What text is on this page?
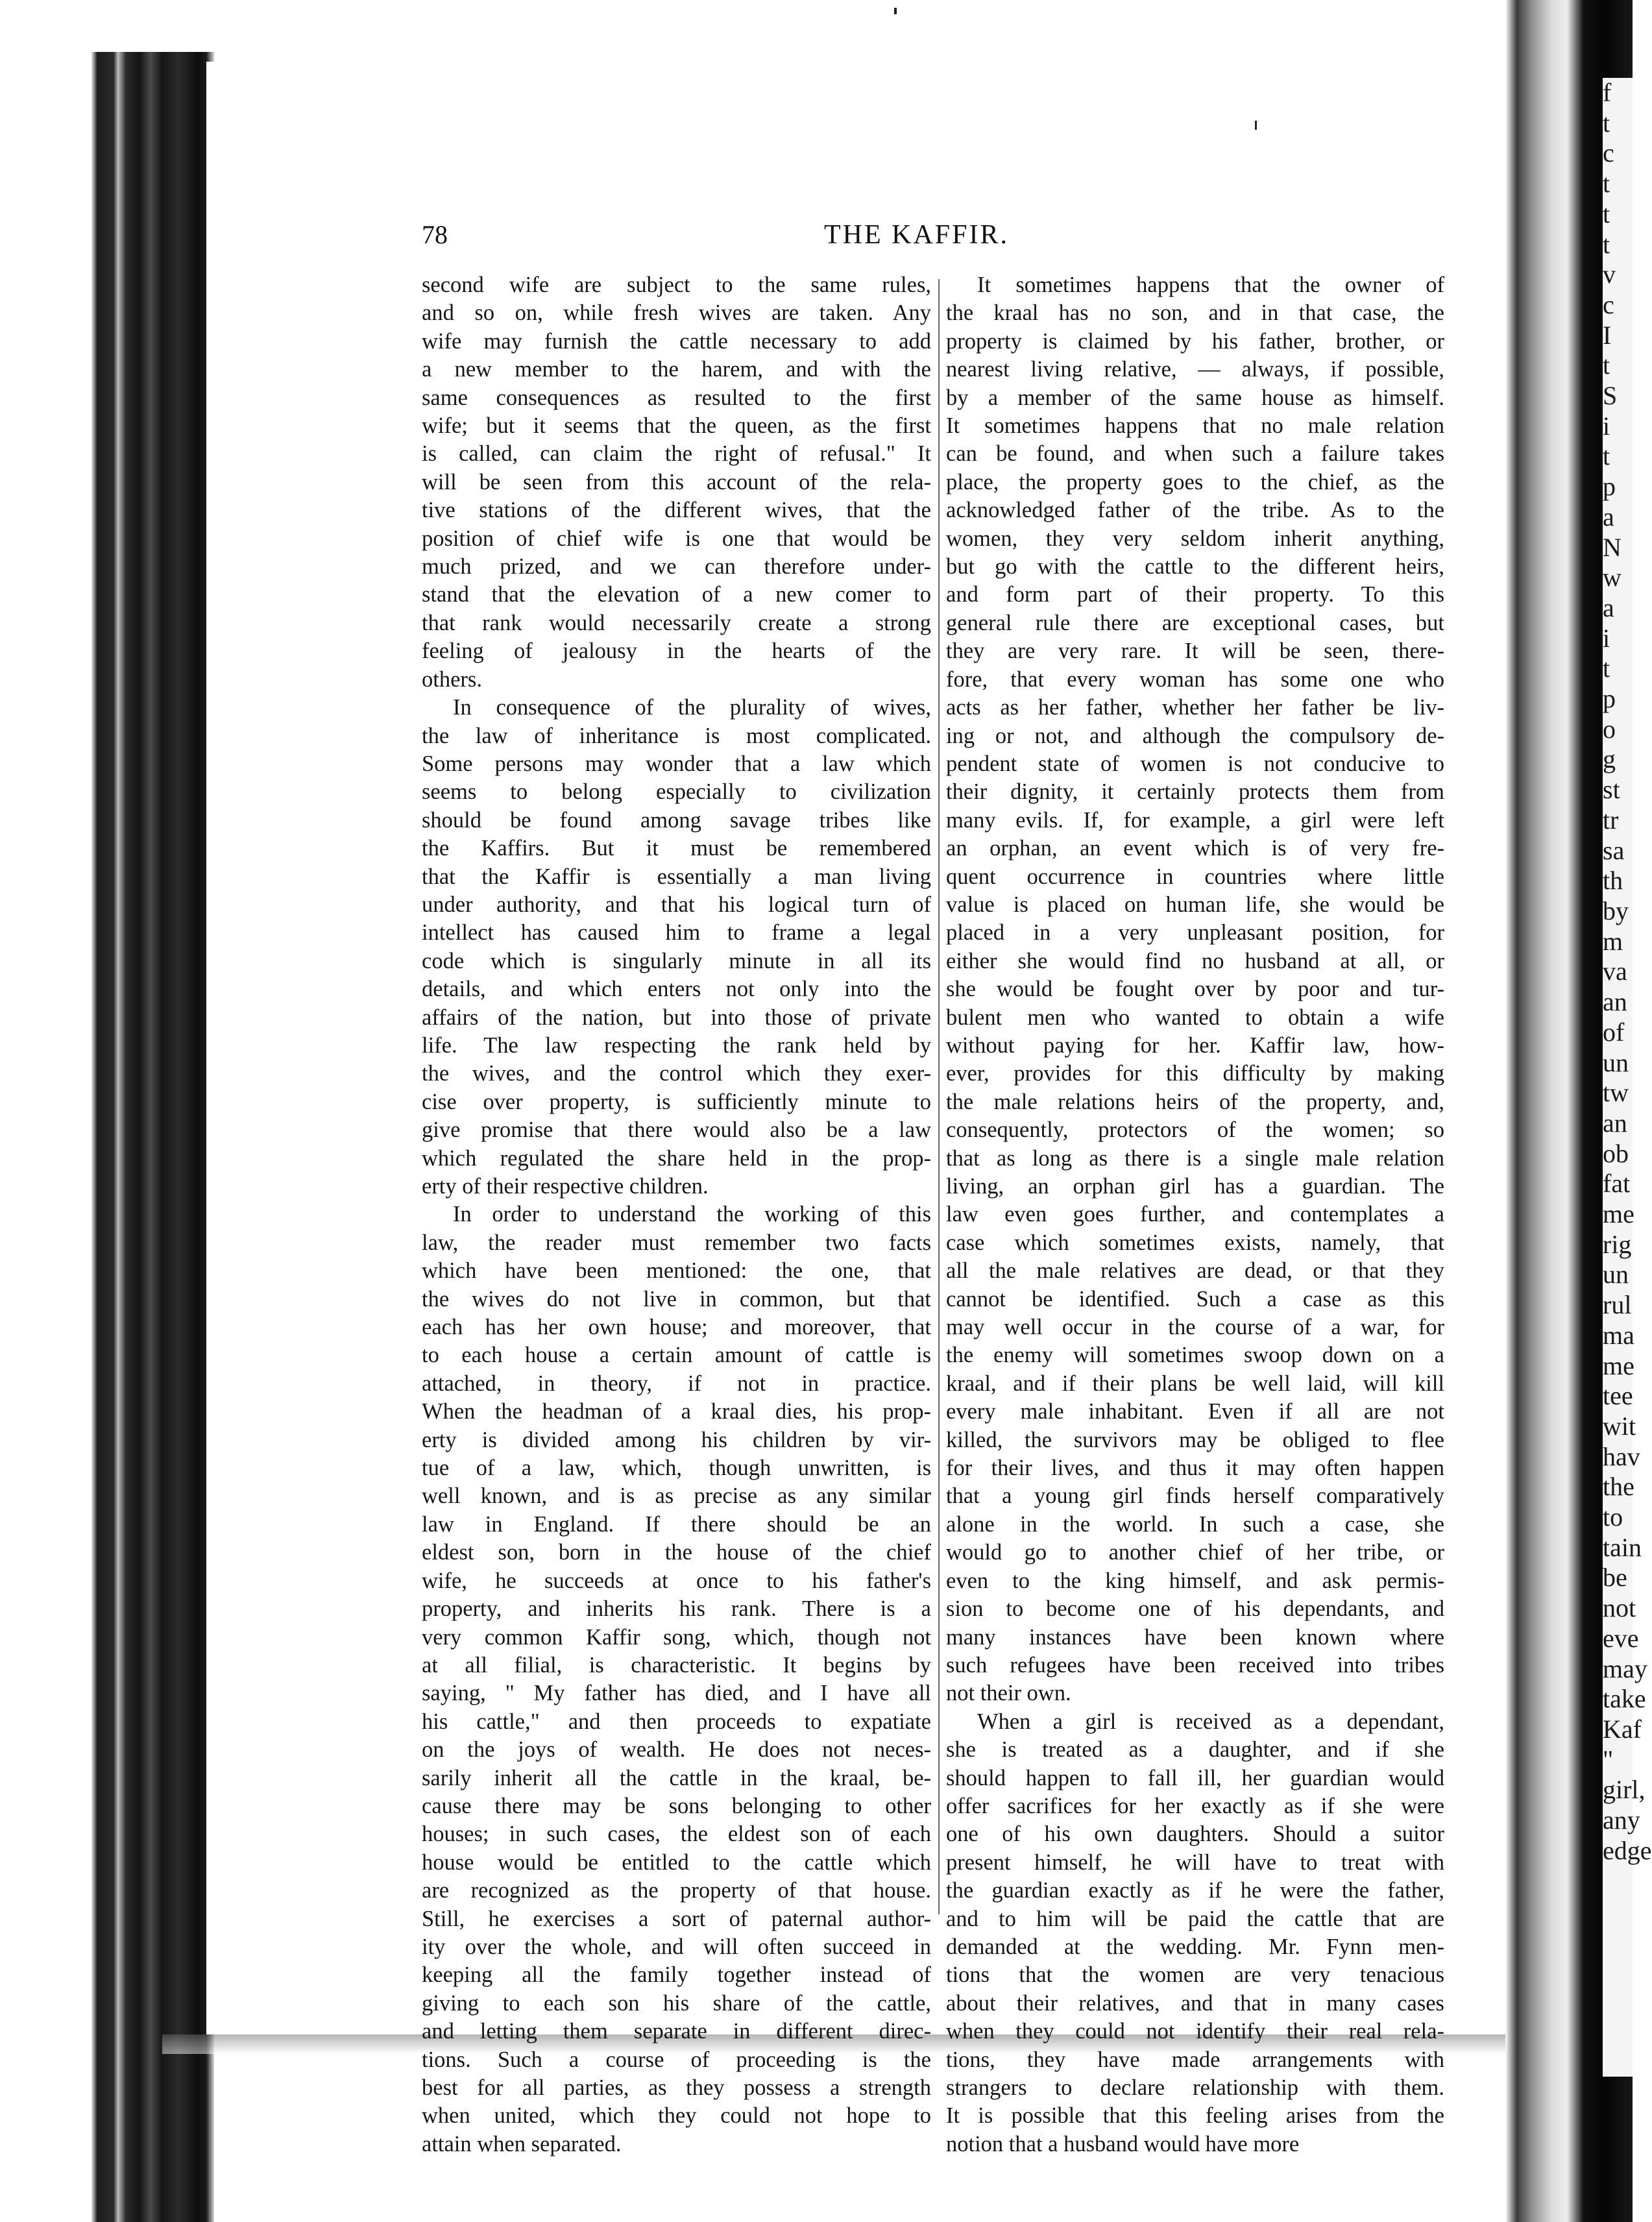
f
t
c
t
t
t
v
c
I
t
S
i
t
p
a
N
w
a
i
t
p
o
g
st
tr
sa
th
by
m
va
an
of
un
tw
an
ob
fat
me
rig
un
rul
ma
me
tee
wit
hav
the
to
tain
be
not
eve
may
take
Kaf
"
girl,
any
edge
78	THE KAFFIR.
second wife are subject to the same rules,
and so on, while fresh wives are taken. Any
wife may furnish the cattle necessary to add
a new member to the harem, and with the
same consequences as resulted to the first
wife; but it seems that the queen, as the first
is called, can claim the right of refusal." It
will be seen from this account of the rela-
tive stations of the different wives, that the
position of chief wife is one that would be
much prized, and we can therefore under-
stand that the elevation of a new comer to
that rank would necessarily create a strong
feeling of jealousy in the hearts of the
others.
In consequence of the plurality of wives,
the law of inheritance is most complicated.
Some persons may wonder that a law which
seems to belong especially to civilization
should be found among savage tribes like
the Kaffirs. But it must be remembered
that the Kaffir is essentially a man living
under authority, and that his logical turn of
intellect has caused him to frame a legal
code which is singularly minute in all its
details, and which enters not only into the
affairs of the nation, but into those of private
life. The law respecting the rank held by
the wives, and the control which they exer-
cise over property, is sufficiently minute to
give promise that there would also be a law
which regulated the share held in the prop-
erty of their respective children.
In order to understand the working of this
law, the reader must remember two facts
which have been mentioned: the one, that
the wives do not live in common, but that
each has her own house; and moreover, that
to each house a certain amount of cattle is
attached, in theory, if not in practice.
When the headman of a kraal dies, his prop-
erty is divided among his children by vir-
tue of a law, which, though unwritten, is
well known, and is as precise as any similar
law in England. If there should be an
eldest son, born in the house of the chief
wife, he succeeds at once to his father's
property, and inherits his rank. There is a
very common Kaffir song, which, though not
at all filial, is characteristic. It begins by
saying, " My father has died, and I have all
his cattle," and then proceeds to expatiate
on the joys of wealth. He does not neces-
sarily inherit all the cattle in the kraal, be-
cause there may be sons belonging to other
houses; in such cases, the eldest son of each
house would be entitled to the cattle which
are recognized as the property of that house.
Still, he exercises a sort of paternal author-
ity over the whole, and will often succeed in
keeping all the family together instead of
giving to each son his share of the cattle,
and letting them separate in different direc-
tions. Such a course of proceeding is the
best for all parties, as they possess a strength
when united, which they could not hope to
attain when separated.
It sometimes happens that the owner of
the kraal has no son, and in that case, the
property is claimed by his father, brother, or
nearest living relative, — always, if possible,
by a member of the same house as himself.
It sometimes happens that no male relation
can be found, and when such a failure takes
place, the property goes to the chief, as the
acknowledged father of the tribe. As to the
women, they very seldom inherit anything,
but go with the cattle to the different heirs,
and form part of their property. To this
general rule there are exceptional cases, but
they are very rare. It will be seen, there-
fore, that every woman has some one who
acts as her father, whether her father be liv-
ing or not, and although the compulsory de-
pendent state of women is not conducive to
their dignity, it certainly protects them from
many evils. If, for example, a girl were left
an orphan, an event which is of very fre-
quent occurrence in countries where little
value is placed on human life, she would be
placed in a very unpleasant position, for
either she would find no husband at all, or
she would be fought over by poor and tur-
bulent men who wanted to obtain a wife
without paying for her. Kaffir law, how-
ever, provides for this difficulty by making
the male relations heirs of the property, and,
consequently, protectors of the women; so
that as long as there is a single male relation
living, an orphan girl has a guardian. The
law even goes further, and contemplates a
case which sometimes exists, namely, that
all the male relatives are dead, or that they
cannot be identified. Such a case as this
may well occur in the course of a war, for
the enemy will sometimes swoop down on a
kraal, and if their plans be well laid, will kill
every male inhabitant. Even if all are not
killed, the survivors may be obliged to flee
for their lives, and thus it may often happen
that a young girl finds herself comparatively
alone in the world. In such a case, she
would go to another chief of her tribe, or
even to the king himself, and ask permis-
sion to become one of his dependants, and
many instances have been known where
such refugees have been received into tribes
not their own.
When a girl is received as a dependant,
she is treated as a daughter, and if she
should happen to fall ill, her guardian would
offer sacrifices for her exactly as if she were
one of his own daughters. Should a suitor
present himself, he will have to treat with
the guardian exactly as if he were the father,
and to him will be paid the cattle that are
demanded at the wedding. Mr. Fynn men-
tions that the women are very tenacious
about their relatives, and that in many cases
when they could not identify their real rela-
tions, they have made arrangements with
strangers to declare relationship with them.
It is possible that this feeling arises from the
notion that a husband would have more
